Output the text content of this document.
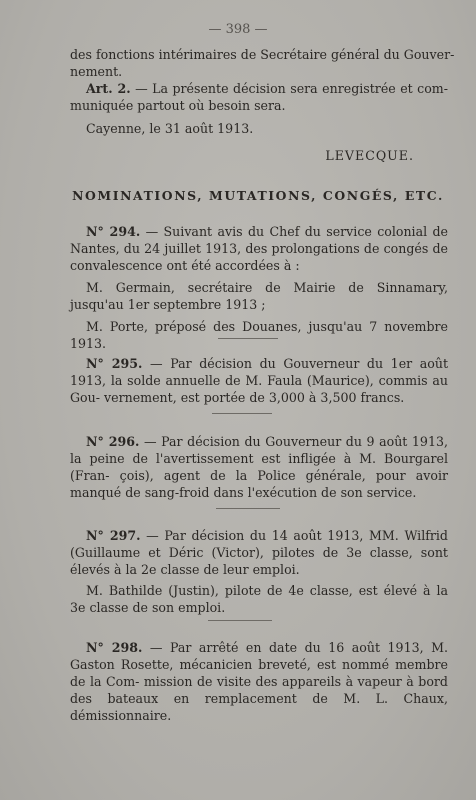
— 398 —

des fonctions intérimaires de Secrétaire général du Gouver-

nement.

Art. 2. — La présente décision sera enregistrée et com- muniquée partout où besoin sera.

Cayenne, le 31 août 1913.

LEVECQUE.

NOMINATIONS, MUTATIONS, CONGÉS, ETC.

N° 294. — Suivant avis du Chef du service colonial de Nantes, du 24 juillet 1913, des prolongations de congés de convalescence ont été accordées à :

M. Germain, secrétaire de Mairie de Sinnamary, jusqu'au 1er septembre 1913 ;

M. Porte, préposé des Douanes, jusqu'au 7 novembre 1913.

N° 295. — Par décision du Gouverneur du 1er août 1913, la solde annuelle de M. Faula (Maurice), commis au Gou- vernement, est portée de 3,000 à 3,500 francs.

N° 296. — Par décision du Gouverneur du 9 août 1913, la peine de l'avertissement est infligée à M. Bourgarel (Fran- çois), agent de la Police générale, pour avoir manqué de sang-froid dans l'exécution de son service.

N° 297. — Par décision du 14 août 1913, MM. Wilfrid (Guillaume et Déric (Victor), pilotes de 3e classe, sont élevés à la 2e classe de leur emploi.

M. Bathilde (Justin), pilote de 4e classe, est élevé à la 3e classe de son emploi.

N° 298. — Par arrêté en date du 16 août 1913, M. Gaston Rosette, mécanicien breveté, est nommé membre de la Com- mission de visite des appareils à vapeur à bord des bateaux en remplacement de M. L. Chaux, démissionnaire.
